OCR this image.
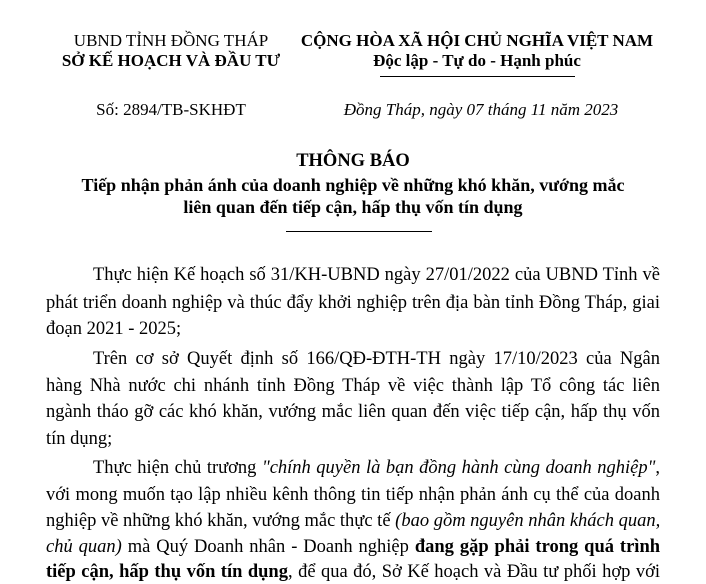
UBND TỈNH ĐỒNG THÁP
SỞ KẾ HOẠCH VÀ ĐẦU TƯ
CỘNG HÒA XÃ HỘI CHỦ NGHĨA VIỆT NAM
Độc lập - Tự do - Hạnh phúc
Số: 2894/TB-SKHĐT	Đồng Tháp, ngày 07 tháng 11 năm 2023
THÔNG BÁO
Tiếp nhận phản ánh của doanh nghiệp về những khó khăn, vướng mắc
liên quan đến tiếp cận, hấp thụ vốn tín dụng
Thực hiện Kế hoạch số 31/KH-UBND ngày 27/01/2022 của UBND Tỉnh về
phát triển doanh nghiệp và thúc đẩy khởi nghiệp trên địa bàn tỉnh Đồng Tháp, giai
đoạn 2021 - 2025;
Trên cơ sở Quyết định số 166/QĐ-ĐTH-TH ngày 17/10/2023 của Ngân
hàng Nhà nước chi nhánh tỉnh Đồng Tháp về việc thành lập Tổ công tác liên
ngành tháo gỡ các khó khăn, vướng mắc liên quan đến việc tiếp cận, hấp thụ vốn
tín dụng;
Thực hiện chủ trương "chính quyền là bạn đồng hành cùng doanh nghiệp",
với mong muốn tạo lập nhiều kênh thông tin tiếp nhận phản ánh cụ thể của doanh
nghiệp về những khó khăn, vướng mắc thực tế (bao gồm nguyên nhân khách quan,
chủ quan) mà Quý Doanh nhân - Doanh nghiệp đang gặp phải trong quá trình
tiếp cận, hấp thụ vốn tín dụng, để qua đó, Sở Kế hoạch và Đầu tư phối hợp với
